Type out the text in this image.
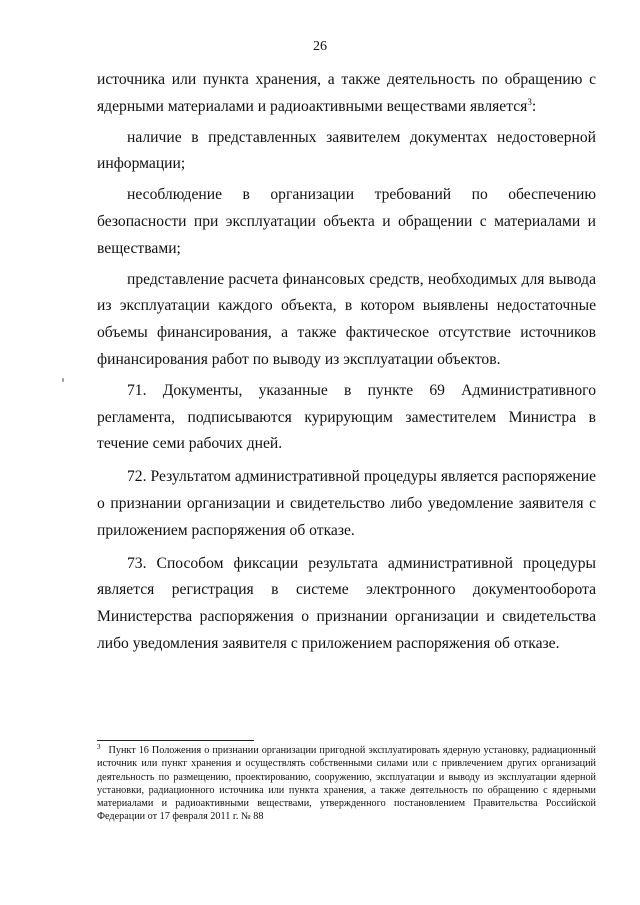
26

источника или пункта хранения, а также деятельность по обращению с ядерными материалами и радиоактивными веществами является$^3$:

наличие в представленных заявителем документах недостоверной информации;

несоблюдение в организации требований по обеспечению безопасности при эксплуатации объекта и обращении с материалами и веществами;

представление расчета финансовых средств, необходимых для вывода из эксплуатации каждого объекта, в котором выявлены недостаточные объемы финансирования, а также фактическое отсутствие источников финансирования работ по выводу из эксплуатации объектов.

71. Документы, указанные в пункте 69 Административного регламента, подписываются курирующим заместителем Министра в течение семи рабочих дней.

72. Результатом административной процедуры является распоряжение о признании организации и свидетельство либо уведомление заявителя с приложением распоряжения об отказе.

73. Способом фиксации результата административной процедуры является регистрация в системе электронного документооборота Министерства распоряжения о признании организации и свидетельства либо уведомления заявителя с приложением распоряжения об отказе.

$^3$ Пункт 16 Положения о признании организации пригодной эксплуатировать ядерную установку, радиационный источник или пункт хранения и осуществлять собственными силами или с привлечением других организаций деятельность по размещению, проектированию, сооружению, эксплуатации и выводу из эксплуатации ядерной установки, радиационного источника или пункта хранения, а также деятельность по обращению с ядерными материалами и радиоактивными веществами, утвержденного постановлением Правительства Российской Федерации от 17 февраля 2011 г. № 88
